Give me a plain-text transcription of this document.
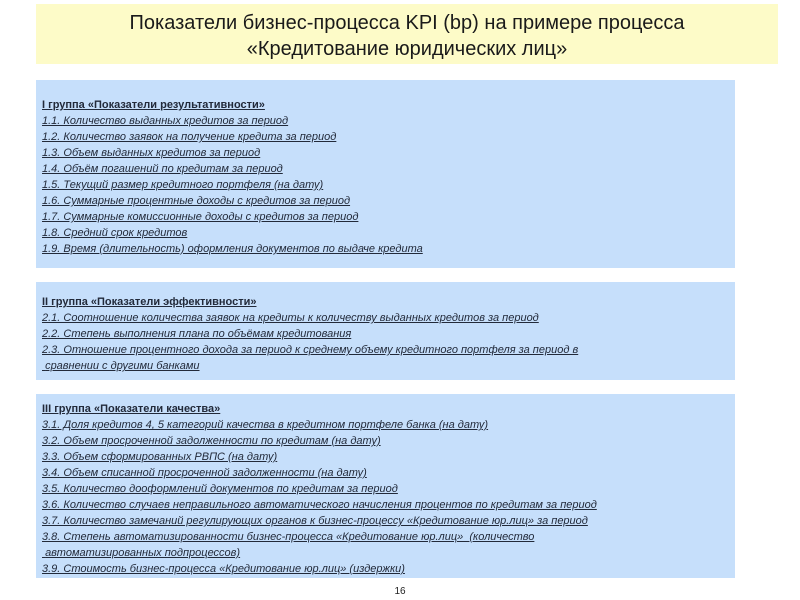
Показатели бизнес-процесса KPI (bp) на примере процесса
«Кредитование юридических лиц»
I группа «Показатели результативности»
1.1. Количество выданных кредитов за период
1.2. Количество заявок на получение кредита за период
1.3. Объем выданных кредитов за период
1.4. Объём погашений по кредитам за период
1.5. Текущий размер кредитного портфеля (на дату)
1.6. Суммарные процентные доходы с кредитов за период
1.7. Суммарные комиссионные доходы с кредитов за период
1.8. Средний срок кредитов
1.9. Время (длительность) оформления документов по выдаче кредита
II группа «Показатели эффективности»
2.1. Соотношение количества заявок на кредиты к количеству выданных кредитов за период
2.2. Степень выполнения плана по объёмам кредитования
2.3. Отношение процентного дохода за период к среднему объему кредитного портфеля за период в
сравнении с другими банками
III группа «Показатели качества»
3.1. Доля кредитов 4, 5 категорий качества в кредитном портфеле банка (на дату)
3.2. Объем просроченной задолженности по кредитам (на дату)
3.3. Объем сформированных РВПС (на дату)
3.4. Объем списанной просроченной задолженности (на дату)
3.5. Количество дооформлений документов по кредитам за период
3.6. Количество случаев неправильного автоматического начисления процентов по кредитам за период
3.7. Количество замечаний регулирующих органов к бизнес-процессу «Кредитование юр.лиц» за период
3.8. Степень автоматизированности бизнес-процесса «Кредитование юр.лиц»  (количество
автоматизированных подпроцессов)
3.9. Стоимость бизнес-процесса «Кредитование юр.лиц» (издержки)
16
